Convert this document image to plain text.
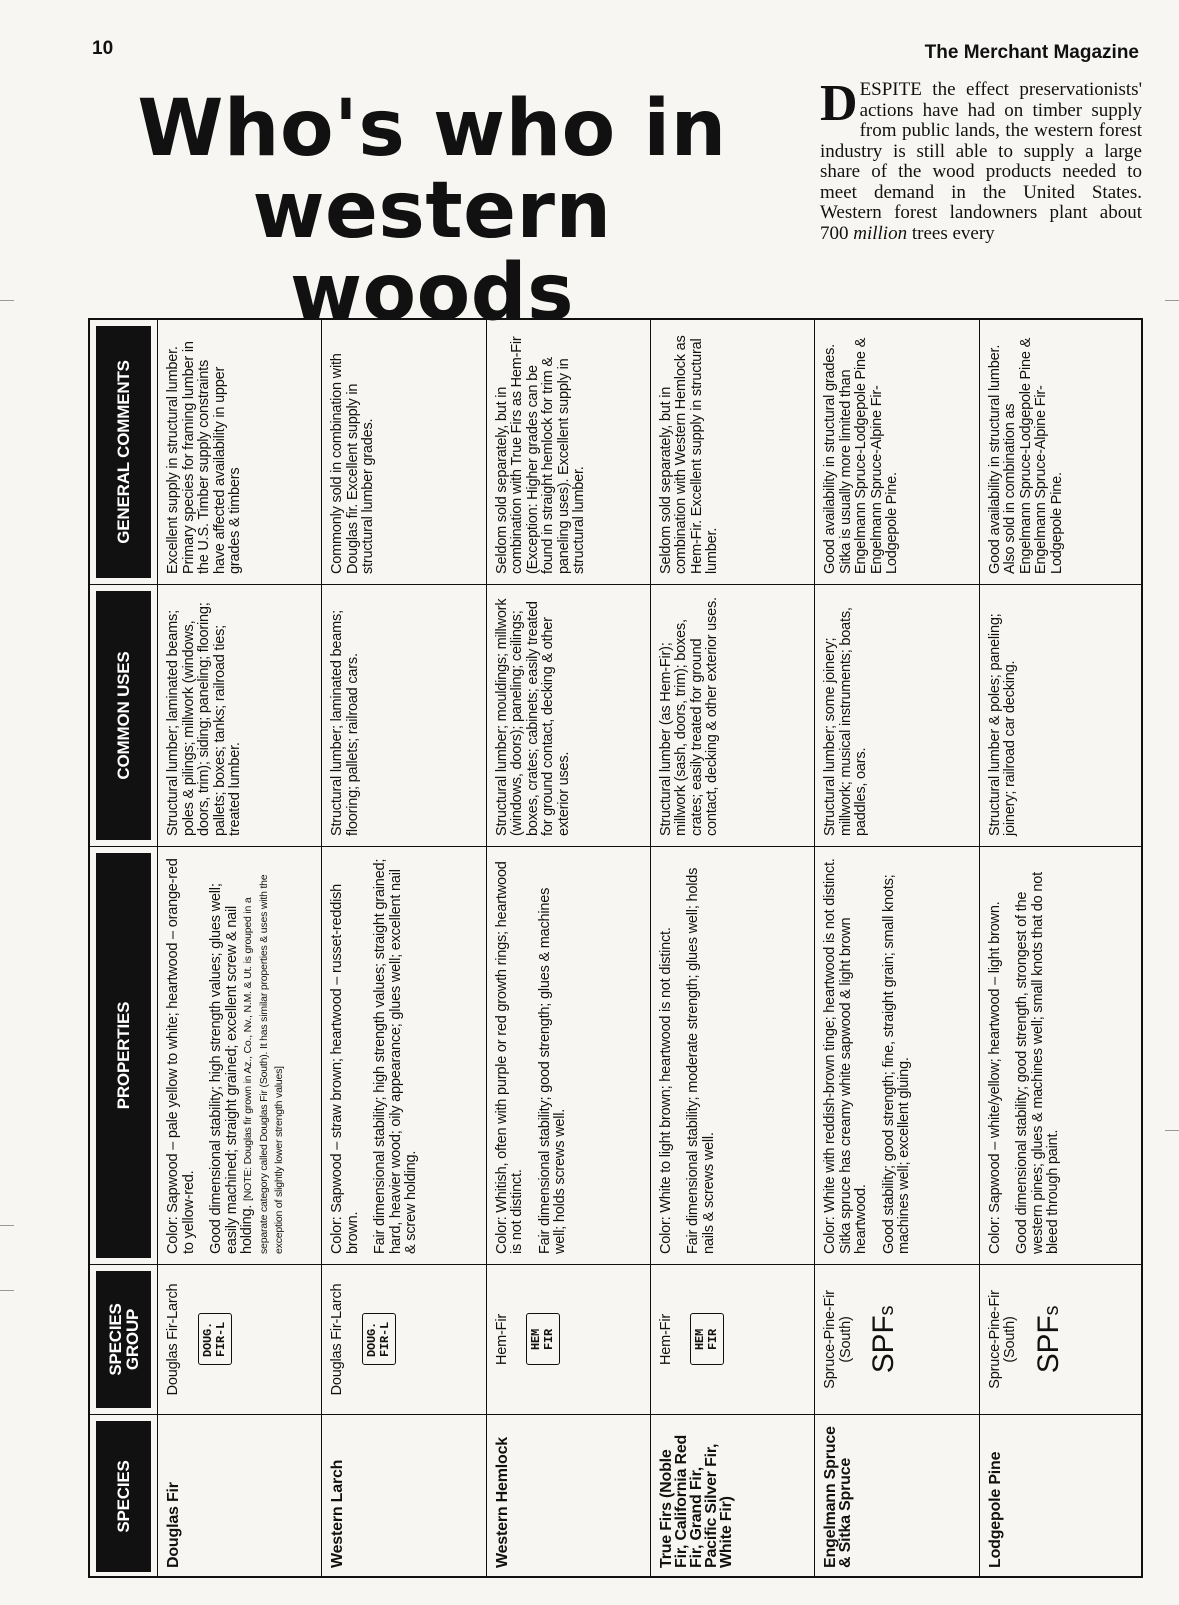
10	The Merchant Magazine
Who's who in
western woods
DESPITE the effect preservationists' actions have had on timber supply from public lands, the western forest industry is still able to supply a large share of the wood products needed to meet demand in the United States. Western forest landowners plant about 700 million trees every
SPECIES
SPECIES GROUP
PROPERTIES
COMMON USES
GENERAL COMMENTS
Douglas Fir
Douglas Fir-Larch DOUG. FIR-L

Color: Sapwood – pale yellow to white; heartwood – orange-red to yellow-red. Good dimensional stability; high strength values; glues well; easily machined; straight grained; excellent screw & nail holding. [NOTE: Douglas fir grown in Az., Co., Nv., N.M. & Ut. is grouped in a separate category called Douglas Fir (South). It has similar properties & uses with the exception of slightly lower strength values]

Structural lumber; laminated beams; poles & pilings; millwork (windows, doors, trim); siding; paneling; flooring; pallets; boxes; tanks; railroad ties; treated lumber.
Excellent supply in structural lumber. Primary species for framing lumber in the U.S. Timber supply constraints have affected availability in upper grades & timbers
Western Larch
Douglas Fir-Larch DOUG. FIR-L

Color: Sapwood – straw brown; heartwood – russet-reddish brown. Fair dimensional stability; high strength values; straight grained; hard, heavier wood; oily appearance; glues well; excellent nail & screw holding.

Structural lumber; laminated beams; flooring; pallets; railroad cars.
Commonly sold in combination with Douglas fir. Excellent supply in structural lumber grades.
Western Hemlock
Hem-Fir HEM FIR

Color: Whitish, often with purple or red growth rings; heartwood is not distinct. Fair dimensional stability; good strength; glues & machines well; holds screws well.

Structural lumber; mouldings; millwork (windows, doors); paneling; ceilings; boxes, crates; cabinets; easily treated for ground contact, decking & other exterior uses.
Seldom sold separately, but in combination with True Firs as Hem-Fir (Exception: Higher grades can be found in straight hemlock for trim & paneling uses). Excellent supply in structural lumber.
True Firs (Noble Fir, California Red Fir, Grand Fir, Pacific Silver Fir, White Fir)
Hem-Fir HEM FIR

Color: White to light brown; heartwood is not distinct. Fair dimensional stability; moderate strength; glues well; holds nails & screws well.

Structural lumber (as Hem-Fir); millwork (sash, doors, trim); boxes, crates; easily treated for ground contact, decking & other exterior uses.
Seldom sold separately, but in combination with Western Hemlock as Hem-Fir. Excellent supply in structural lumber.
Engelmann Spruce & Sitka Spruce
Spruce-Pine-Fir (South) SPFs

Color: White with reddish-brown tinge; heartwood is not distinct. Sitka spruce has creamy white sapwood & light brown heartwood. Good stability; good strength; fine, straight grain; small knots; machines well; excellent gluing.

Structural lumber; some joinery; millwork; musical instruments; boats, paddles, oars.
Good availability in structural grades. Sitka is usually more limited than Engelmann Spruce-Lodgepole Pine & Engelmann Spruce-Alpine Fir-Lodgepole Pine.
Lodgepole Pine
Spruce-Pine-Fir (South) SPFs

Color: Sapwood – white/yellow; heartwood – light brown. Good dimensional stability; good strength, strongest of the western pines; glues & machines well; small knots that do not bleed through paint.

Structural lumber & poles; paneling; joinery; railroad car decking.
Good availability in structural lumber. Also sold in combination as Engelmann Spruce-Lodgepole Pine & Engelmann Spruce-Alpine Fir-Lodgepole Pine.
